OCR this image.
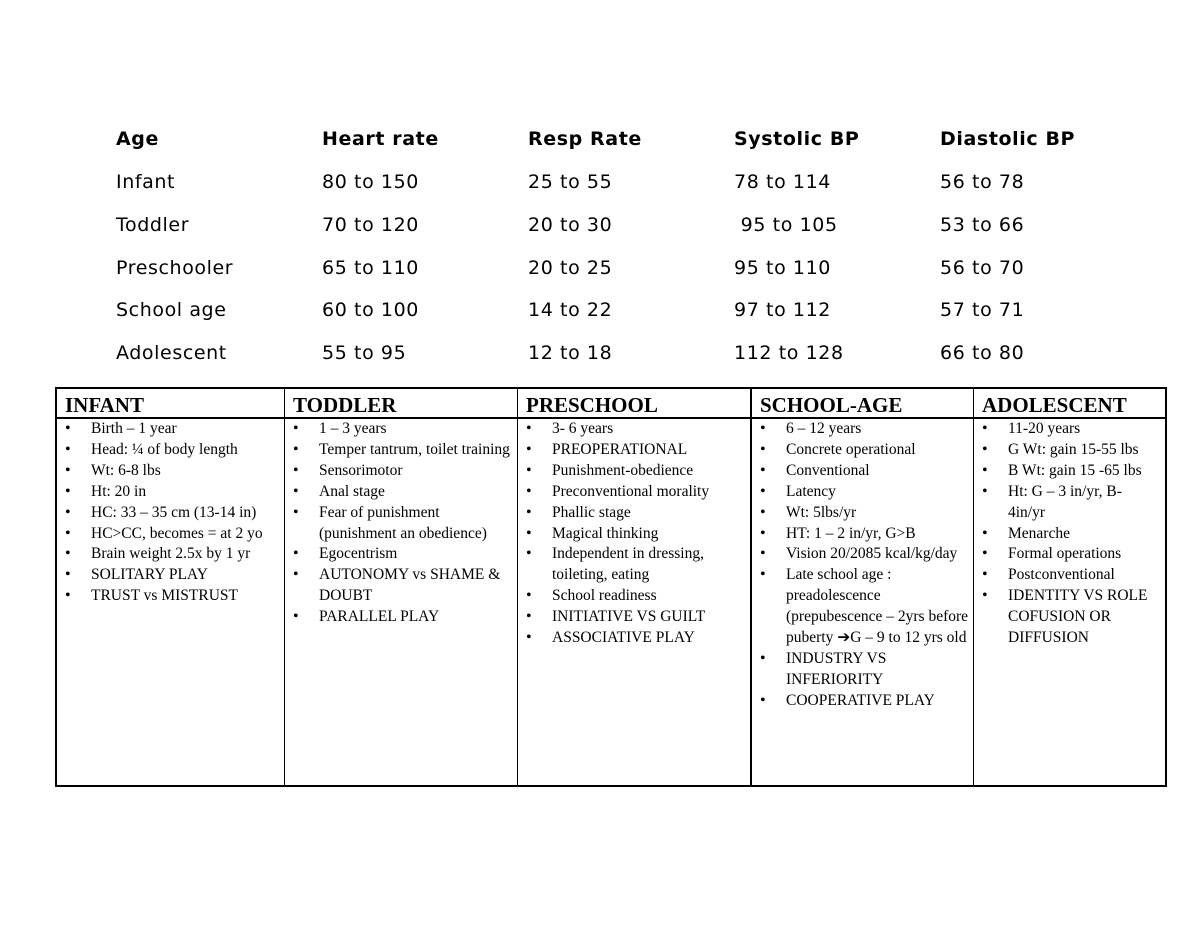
Age	Heart rate	Resp Rate	Systolic BP	Diastolic BP
Infant	80 to 150	25 to 55	78 to 114	56 to 78
Toddler	70 to 120	20 to 30	95 to 105	53 to 66
Preschooler	65 to 110	20 to 25	95 to 110	56 to 70
School age	60 to 100	14 to 22	97 to 112	57 to 71
Adolescent	55 to 95	12 to 18	112 to 128	66 to 80
INFANT
• Birth – 1 year
• Head: ¼ of body length
• Wt: 6-8 lbs
• Ht: 20 in
• HC: 33 – 35 cm (13-14 in)
• HC>CC, becomes = at 2 yo
• Brain weight 2.5x by 1 yr
• SOLITARY PLAY
• TRUST vs MISTRUST
TODDLER
• 1 – 3 years
• Temper tantrum, toilet training
• Sensorimotor
• Anal stage
• Fear of punishment (punishment an obedience)
• Egocentrism
• AUTONOMY vs SHAME & DOUBT
• PARALLEL PLAY
PRESCHOOL
• 3- 6 years
• PREOPERATIONAL
• Punishment-obedience
• Preconventional morality
• Phallic stage
• Magical thinking
• Independent in dressing, toileting, eating
• School readiness
• INITIATIVE VS GUILT
• ASSOCIATIVE PLAY
SCHOOL-AGE
• 6 – 12 years
• Concrete operational
• Conventional
• Latency
• Wt: 5lbs/yr
• HT: 1 – 2 in/yr, G>B
• Vision 20/2085 kcal/kg/day
• Late school age : preadolescence (prepubescence – 2yrs before puberty ➔G – 9 to 12 yrs old
• INDUSTRY VS INFERIORITY
• COOPERATIVE PLAY
ADOLESCENT
• 11-20 years
• G Wt: gain 15-55 lbs
• B Wt: gain 15 -65 lbs
• Ht: G – 3 in/yr, B- 4in/yr
• Menarche
• Formal operations
• Postconventional
• IDENTITY VS ROLE COFUSION OR DIFFUSION
